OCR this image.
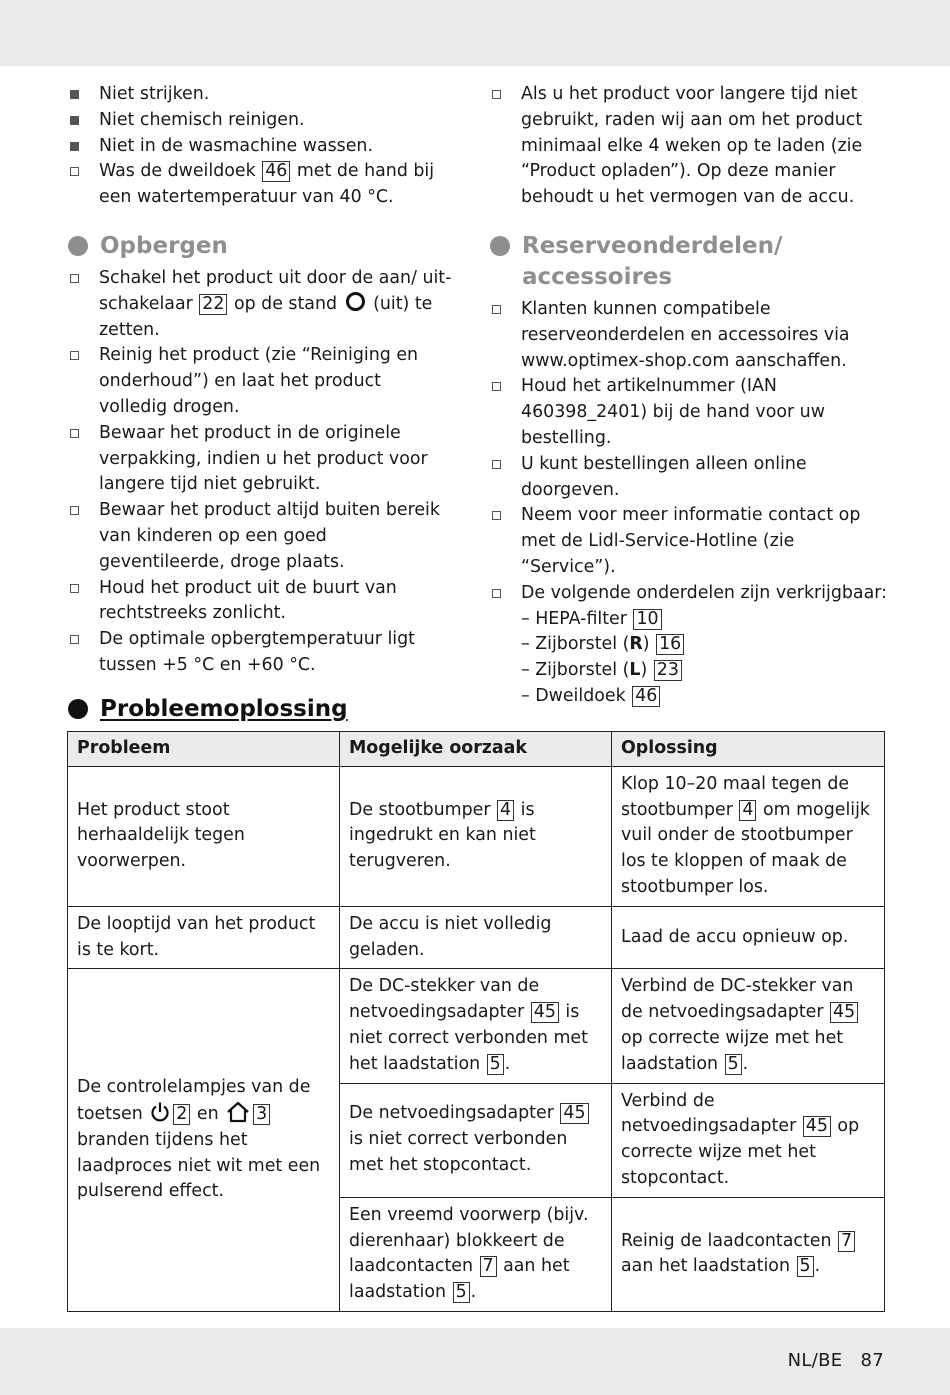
Niet strijken.
Niet chemisch reinigen.
Niet in de wasmachine wassen.
Was de dweildoek 46 met de hand bij een watertemperatuur van 40 °C.
Opbergen
Schakel het product uit door de aan/ uit-schakelaar 22 op de stand  (uit) te zetten.
Reinig het product (zie “Reiniging en onderhoud”) en laat het product volledig drogen.
Bewaar het product in de originele verpakking, indien u het product voor langere tijd niet gebruikt.
Bewaar het product altijd buiten bereik van kinderen op een goed geventileerde, droge plaats.
Houd het product uit de buurt van rechtstreeks zonlicht.
De optimale opbergtemperatuur ligt tussen +5 °C en +60 °C.
Als u het product voor langere tijd niet gebruikt, raden wij aan om het product minimaal elke 4 weken op te laden (zie “Product opladen”). Op deze manier behoudt u het vermogen van de accu.
Reserveonderdelen/ accessoires
Klanten kunnen compatibele reserveonderdelen en accessoires via www.optimex-shop.com aanschaffen.
Houd het artikelnummer (IAN 460398_2401) bij de hand voor uw bestelling.
U kunt bestellingen alleen online doorgeven.
Neem voor meer informatie contact op met de Lidl-Service-Hotline (zie “Service”).
De volgende onderdelen zijn verkrijgbaar:
– HEPA-filter 10
– Zijborstel (R) 16
– Zijborstel (L) 23
– Dweildoek 46
Probleemoplossing
Probleem	Mogelijke oorzaak	Oplossing
Het product stoot herhaaldelijk tegen voorwerpen.	De stootbumper 4 is ingedrukt en kan niet terugveren.	Klop 10–20 maal tegen de stootbumper 4 om mogelijk vuil onder de stootbumper los te kloppen of maak de stootbumper los.
De looptijd van het product is te kort.	De accu is niet volledig geladen.	Laad de accu opnieuw op.
De controlelampjes van de toetsen 2 en 3 branden tijdens het laadproces niet wit met een pulserend effect.	De DC-stekker van de netvoedingsadapter 45 is niet correct verbonden met het laadstation 5 .	Verbind de DC-stekker van de netvoedingsadapter 45 op correcte wijze met het laadstation 5 .
	De netvoedingsadapter 45 is niet correct verbonden met het stopcontact.	Verbind de netvoedingsadapter 45 op correcte wijze met het stopcontact.
	Een vreemd voorwerp (bijv. dierenhaar) blokkeert de laadcontacten 7 aan het laadstation 5 .	Reinig de laadcontacten 7 aan het laadstation 5 .
NL/BE   87
